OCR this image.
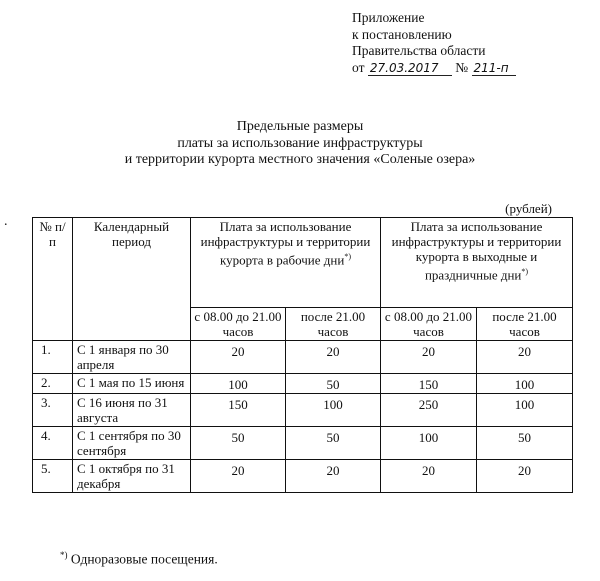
Приложение
к постановлению
Правительства области
от 27.03.2017 № 211-п
Предельные размеры
платы за использование инфраструктуры
и территории курорта местного значения «Соленые озера»
.
(рублей)
№ п/п	Календарный период	Плата за использование инфраструктуры и территории курорта в рабочие дни*)		Плата за использование инфраструктуры и территории курорта в выходные и праздничные дни*)
		с 08.00 до 21.00 часов	после 21.00 часов	с 08.00 до 21.00 часов	после 21.00 часов
1.	С 1 января по 30 апреля	20	20	20	20
2.	С 1 мая по 15 июня	100	50	150	100
3.	С 16 июня по 31 августа	150	100	250	100
4.	С 1 сентября по 30 сентября	50	50	100	50
5.	С 1 октября по 31 декабря	20	20	20	20
*) Одноразовые посещения.
